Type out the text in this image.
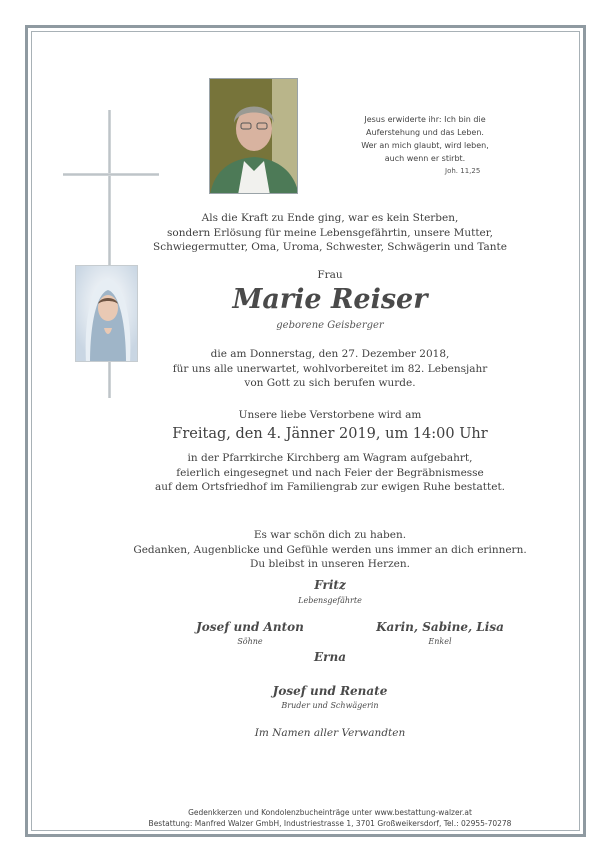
Jesus erwiderte ihr: Ich bin die
Auferstehung und das Leben.
Wer an mich glaubt, wird leben,
auch wenn er stirbt.
Joh. 11,25
Als die Kraft zu Ende ging, war es kein Sterben,
sondern Erlösung für meine Lebensgefährtin, unsere Mutter,
Schwiegermutter, Oma, Uroma, Schwester, Schwägerin und Tante
Frau
Marie Reiser
geborene Geisberger
die am Donnerstag, den 27. Dezember 2018,
für uns alle unerwartet, wohlvorbereitet im 82. Lebensjahr
von Gott zu sich berufen wurde.
Unsere liebe Verstorbene wird am
Freitag, den 4. Jänner 2019, um 14:00 Uhr
in der Pfarrkirche Kirchberg am Wagram aufgebahrt,
feierlich eingesegnet und nach Feier der Begräbnismesse
auf dem Ortsfriedhof im Familiengrab zur ewigen Ruhe bestattet.
Es war schön dich zu haben.
Gedanken, Augenblicke und Gefühle werden uns immer an dich erinnern.
Du bleibst in unseren Herzen.
Fritz
Lebensgefährte
Josef und Anton
Söhne
Karin, Sabine, Lisa
Enkel
Erna
Josef und Renate
Bruder und Schwägerin
Im Namen aller Verwandten
Gedenkkerzen und Kondolenzbucheinträge unter www.bestattung-walzer.at
Bestattung: Manfred Walzer GmbH, Industriestrasse 1, 3701 Großweikersdorf, Tel.: 02955-70278
